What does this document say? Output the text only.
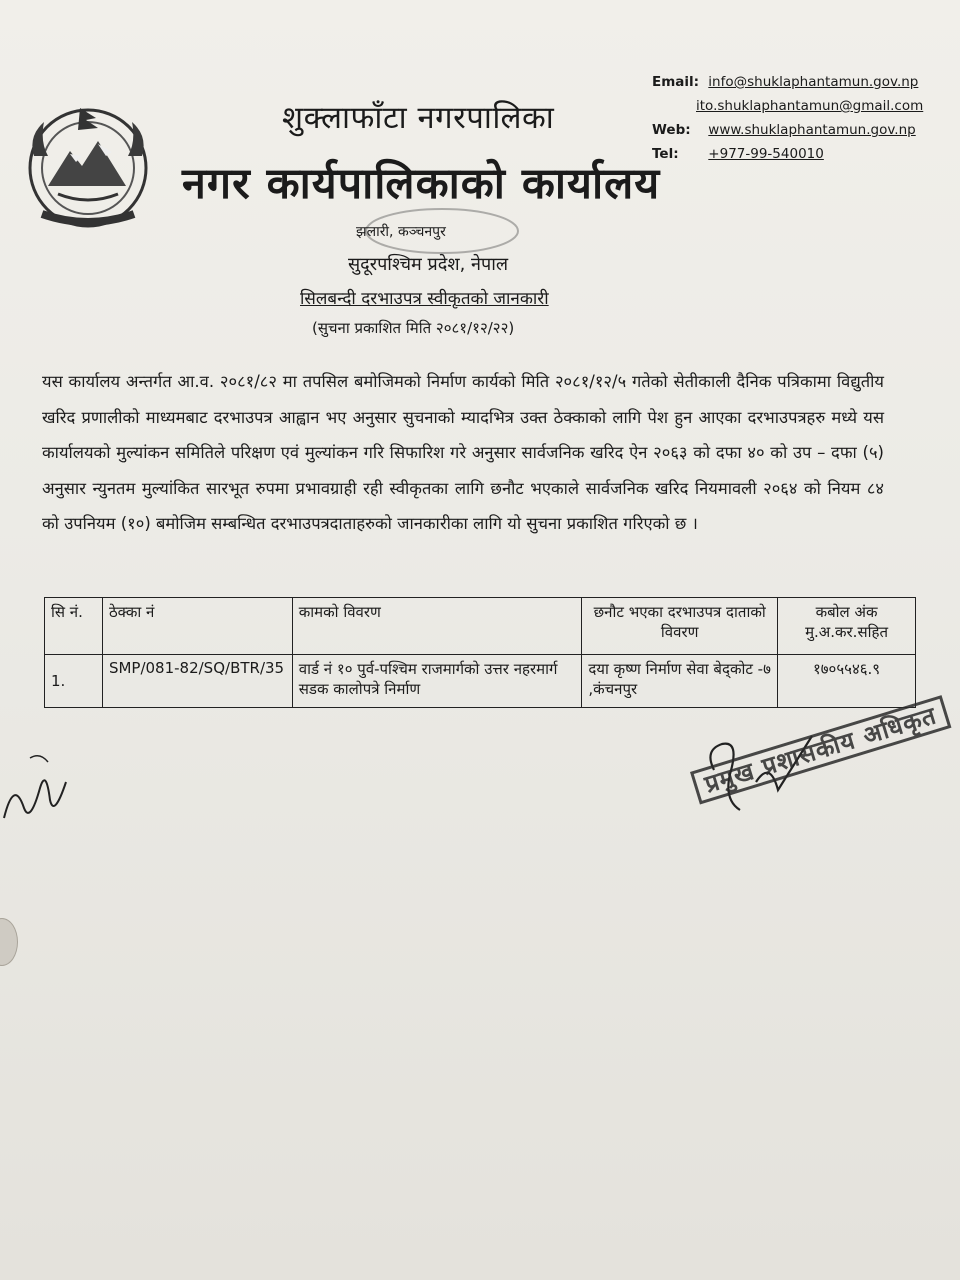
शुक्लाफाँटा नगरपालिका
नगर कार्यपालिकाको कार्यालय
Email: info@shuklaphantamun.gov.np
ito.shuklaphantamun@gmail.com
Web: www.shuklaphantamun.gov.np
Tel: +977-99-540010
झलारी, कञ्चनपुर
सुदूरपश्चिम प्रदेश, नेपाल
सिलबन्दी दरभाउपत्र स्वीकृतको जानकारी
(सुचना प्रकाशित मिति २०८१/१२/२२)
यस कार्यालय अन्तर्गत आ.व. २०८१/८२ मा तपसिल बमोजिमको निर्माण कार्यको मिति २०८१/१२/५ गतेको सेतीकाली दैनिक पत्रिकामा विद्युतीय खरिद प्रणालीको माध्यमबाट दरभाउपत्र आह्वान भए अनुसार सुचनाको म्यादभित्र उक्त ठेक्काको लागि पेश हुन आएका दरभाउपत्रहरु मध्ये यस कार्यालयको मुल्यांकन समितिले परिक्षण एवं मुल्यांकन गरि सिफारिश गरे अनुसार सार्वजनिक खरिद ऐन २०६३ को दफा ४० को उप – दफा (५) अनुसार न्युनतम मुल्यांकित सारभूत रुपमा प्रभावग्राही रही स्वीकृतका लागि छनौट भएकाले सार्वजनिक खरिद नियमावली २०६४ को नियम ८४ को उपनियम (१०) बमोजिम सम्बन्धित दरभाउपत्रदाताहरुको जानकारीका लागि यो सुचना प्रकाशित गरिएको छ ।
सि नं.	ठेक्का नं	कामको विवरण	छनौट भएका दरभाउपत्र दाताको विवरण	कबोल अंक मु.अ.कर.सहित
1.	SMP/081-82/SQ/BTR/35	वार्ड नं १० पुर्व-पश्चिम राजमार्गको उत्तर नहरमार्ग सडक कालोपत्रे निर्माण	दया कृष्ण निर्माण सेवा बेद्कोट -७ ,कंचनपुर	१७०५५४६.९
प्रमुख प्रशासकीय अधिकृत
